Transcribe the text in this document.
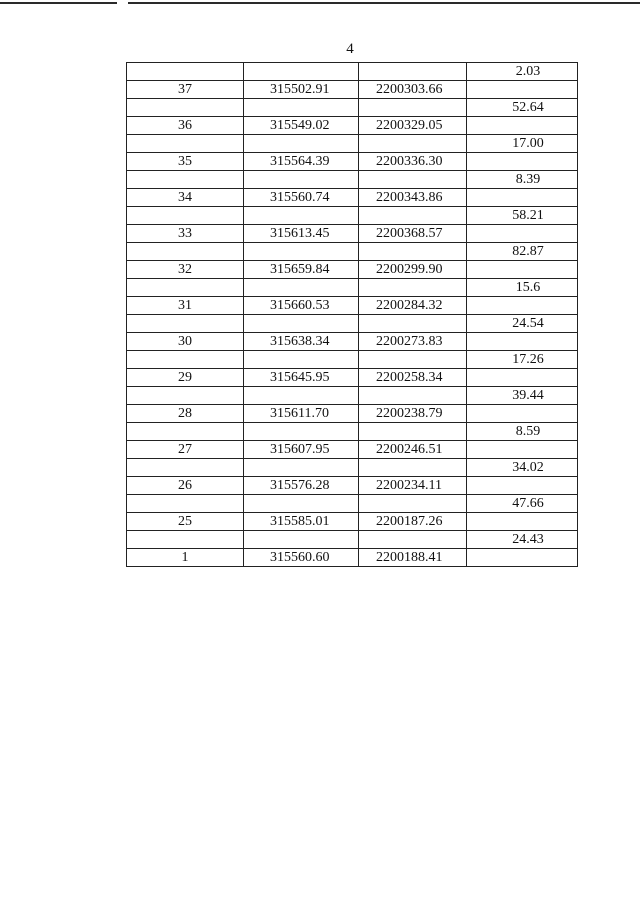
4
			2.03
37	315502.91	2200303.66	
			52.64
36	315549.02	2200329.05	
			17.00
35	315564.39	2200336.30	
			8.39
34	315560.74	2200343.86	
			58.21
33	315613.45	2200368.57	
			82.87
32	315659.84	2200299.90	
			15.6
31	315660.53	2200284.32	
			24.54
30	315638.34	2200273.83	
			17.26
29	315645.95	2200258.34	
			39.44
28	315611.70	2200238.79	
			8.59
27	315607.95	2200246.51	
			34.02
26	315576.28	2200234.11	
			47.66
25	315585.01	2200187.26	
			24.43
1	315560.60	2200188.41	
